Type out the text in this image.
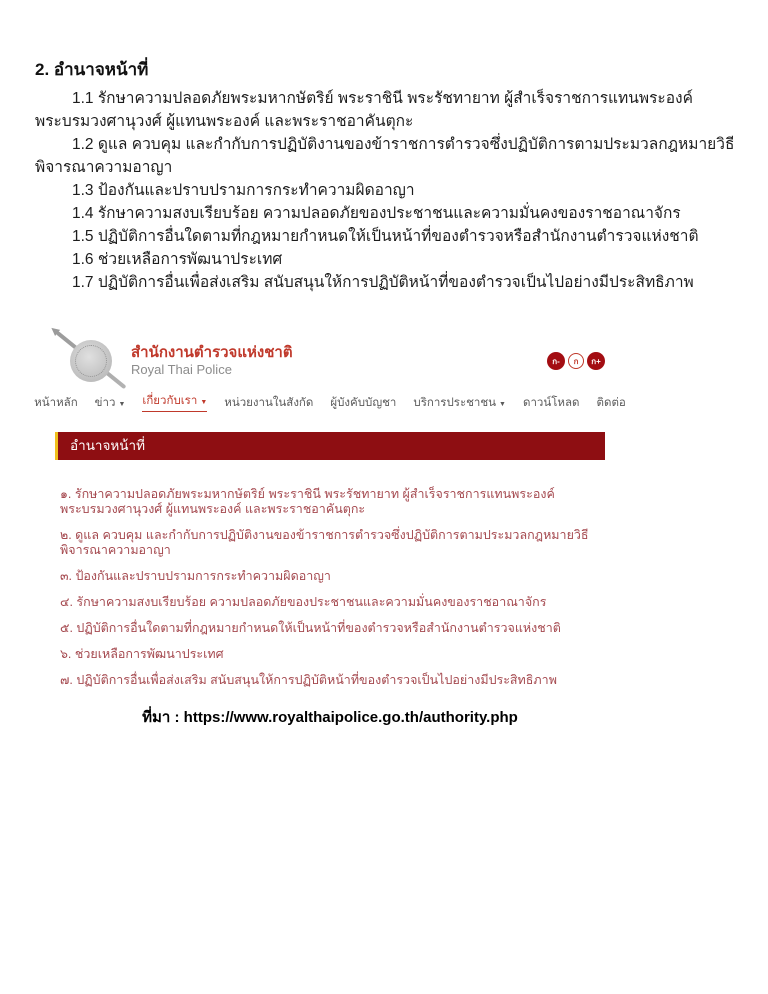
2. อำนาจหน้าที่

1.1 รักษาความปลอดภัยพระมหากษัตริย์ พระราชินี พระรัชทายาท ผู้สำเร็จราชการแทนพระองค์ พระบรมวงศานุวงศ์ ผู้แทนพระองค์ และพระราชอาคันตุกะ

1.2 ดูแล ควบคุม และกำกับการปฏิบัติงานของข้าราชการตำรวจซึ่งปฏิบัติการตามประมวลกฎหมายวิธีพิจารณาความอาญา

1.3 ป้องกันและปราบปรามการกระทำความผิดอาญา

1.4 รักษาความสงบเรียบร้อย ความปลอดภัยของประชาชนและความมั่นคงของราชอาณาจักร

1.5 ปฏิบัติการอื่นใดตามที่กฎหมายกำหนดให้เป็นหน้าที่ของตำรวจหรือสำนักงานตำรวจแห่งชาติ

1.6 ช่วยเหลือการพัฒนาประเทศ

1.7 ปฏิบัติการอื่นเพื่อส่งเสริม สนับสนุนให้การปฏิบัติหน้าที่ของตำรวจเป็นไปอย่างมีประสิทธิภาพ

สำนักงานตำรวจแห่งชาติ
Royal Thai Police
ก-	ก	ก+
หน้าหลัก ข่าว ▼ เกี่ยวกับเรา ▼ หน่วยงานในสังกัด ผู้บังคับบัญชา บริการประชาชน ▼ ดาวน์โหลด ติดต่อ
อำนาจหน้าที่

๑. รักษาความปลอดภัยพระมหากษัตริย์ พระราชินี พระรัชทายาท ผู้สำเร็จราชการแทนพระองค์ พระบรมวงศานุวงศ์ ผู้แทนพระองค์ และพระราชอาคันตุกะ

๒. ดูแล ควบคุม และกำกับการปฏิบัติงานของข้าราชการตำรวจซึ่งปฏิบัติการตามประมวลกฎหมายวิธีพิจารณาความอาญา

๓. ป้องกันและปราบปรามการกระทำความผิดอาญา

๔. รักษาความสงบเรียบร้อย ความปลอดภัยของประชาชนและความมั่นคงของราชอาณาจักร

๕. ปฏิบัติการอื่นใดตามที่กฎหมายกำหนดให้เป็นหน้าที่ของตำรวจหรือสำนักงานตำรวจแห่งชาติ

๖. ช่วยเหลือการพัฒนาประเทศ

๗. ปฏิบัติการอื่นเพื่อส่งเสริม สนับสนุนให้การปฏิบัติหน้าที่ของตำรวจเป็นไปอย่างมีประสิทธิภาพ

ที่มา : https://www.royalthaipolice.go.th/authority.php
